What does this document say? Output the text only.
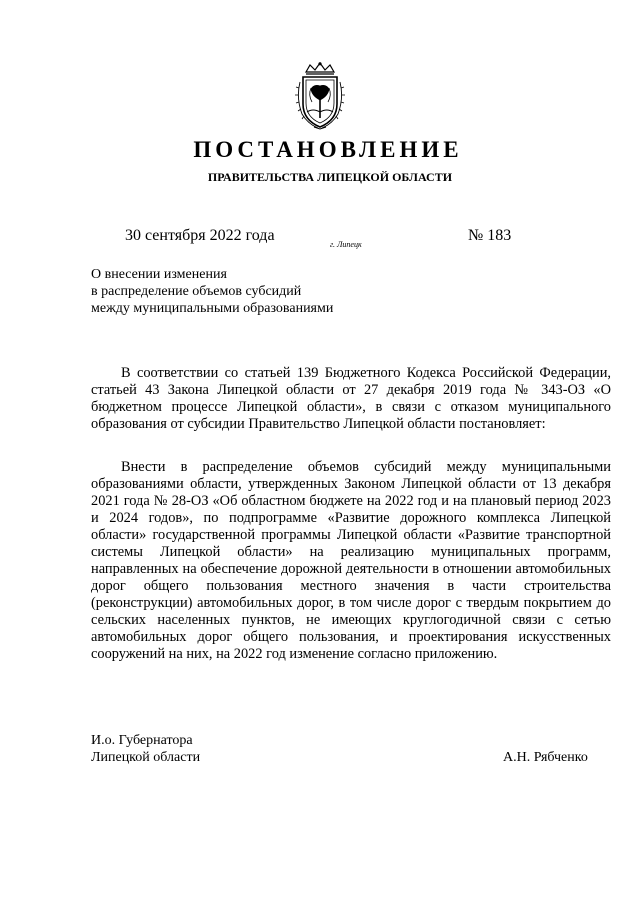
ПОСТАНОВЛЕНИЕ
ПРАВИТЕЛЬСТВА ЛИПЕЦКОЙ ОБЛАСТИ
30 сентября 2022 года
г. Липецк
№ 183
О внесении изменения
в распределение объемов субсидий
между муниципальными образованиями
В соответствии со статьей 139 Бюджетного Кодекса Российской Федерации, статьей 43 Закона Липецкой области от 27 декабря 2019 года № 343-ОЗ «О бюджетном процессе Липецкой области», в связи с отказом муниципального образования от субсидии Правительство Липецкой области постановляет:
Внести в распределение объемов субсидий между муниципальными образованиями области, утвержденных Законом Липецкой области от 13 декабря 2021 года № 28-ОЗ «Об областном бюджете на 2022 год и на плановый период 2023 и 2024 годов», по подпрограмме «Развитие дорожного комплекса Липецкой области» государственной программы Липецкой области «Развитие транспортной системы Липецкой области» на реализацию муниципальных программ, направленных на обеспечение дорожной деятельности в отношении автомобильных дорог общего пользования местного значения в части строительства (реконструкции) автомобильных дорог, в том числе дорог с твердым покрытием до сельских населенных пунктов, не имеющих круглогодичной связи с сетью автомобильных дорог общего пользования, и проектирования искусственных сооружений на них, на 2022 год изменение согласно приложению.
И.о. Губернатора
Липецкой области	А.Н. Рябченко
